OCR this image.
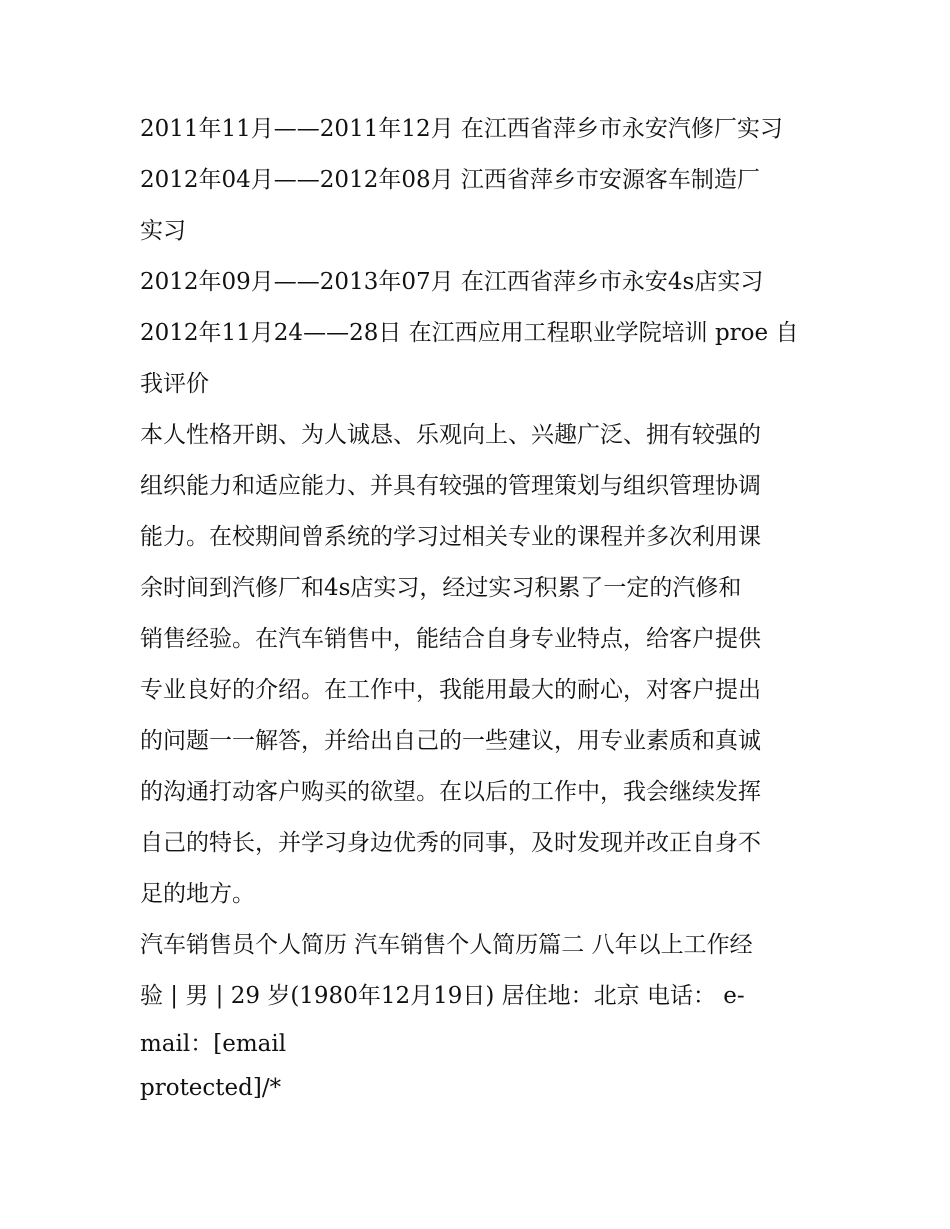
2011年11月——2011年12月 在江西省萍乡市永安汽修厂实习
2012年04月——2012年08月 江西省萍乡市安源客车制造厂
实习
2012年09月——2013年07月 在江西省萍乡市永安4s店实习
2012年11月24——28日 在江西应用工程职业学院培训 proe 自
我评价
本人性格开朗、为人诚恳、乐观向上、兴趣广泛、拥有较强的
组织能力和适应能力、并具有较强的管理策划与组织管理协调
能力。在校期间曾系统的学习过相关专业的课程并多次利用课
余时间到汽修厂和4s店实习，经过实习积累了一定的汽修和
销售经验。在汽车销售中，能结合自身专业特点，给客户提供
专业良好的介绍。在工作中，我能用最大的耐心，对客户提出
的问题一一解答，并给出自己的一些建议，用专业素质和真诚
的沟通打动客户购买的欲望。在以后的工作中，我会继续发挥
自己的特长，并学习身边优秀的同事，及时发现并改正自身不
足的地方。
汽车销售员个人简历 汽车销售个人简历篇二 八年以上工作经
验 | 男 | 29 岁(1980年12月19日) 居住地：北京 电话： e-
mail：[email
protected]/*
